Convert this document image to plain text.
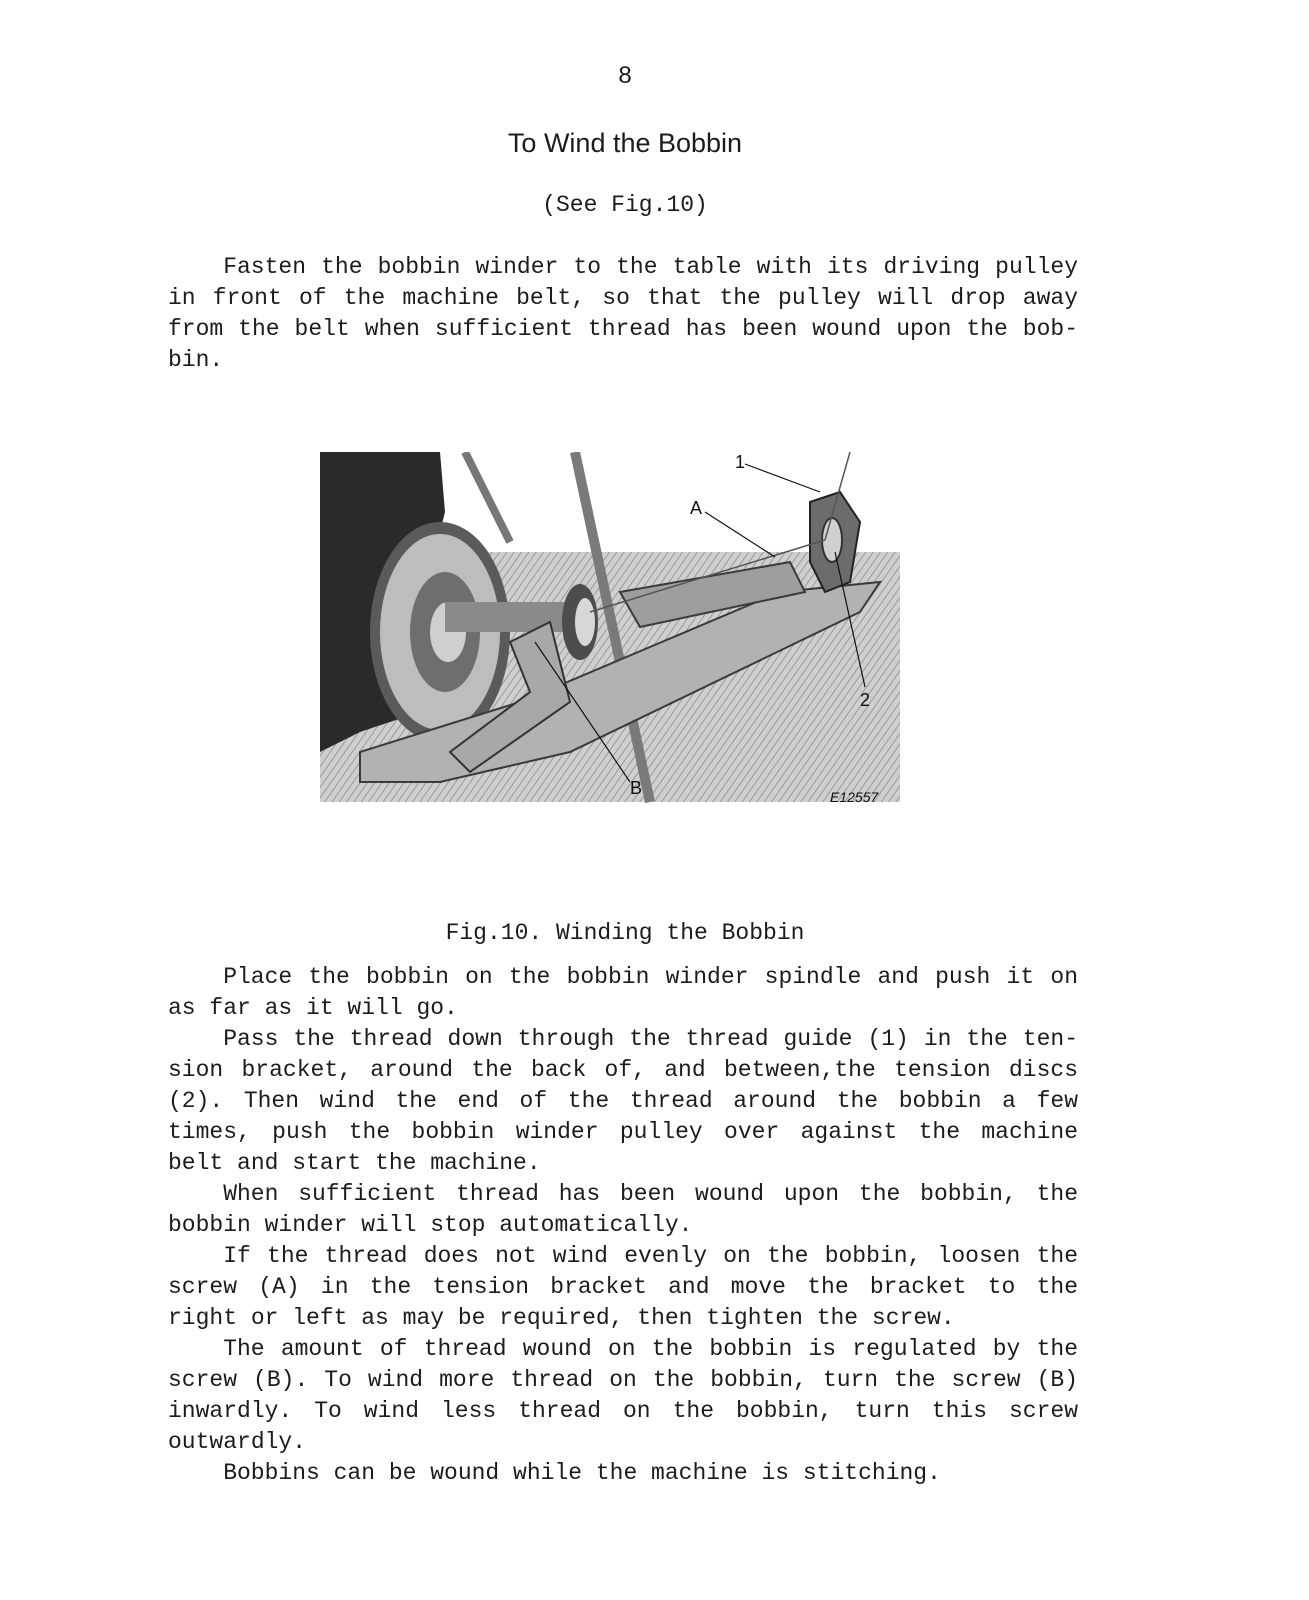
8
To Wind the Bobbin
(See Fig.10)
Fasten the bobbin winder to the table with its driving pulley
in front of the machine belt, so that the pulley will drop away
from the belt when sufficient thread has been wound upon the bob-
bin.
1
A
2
B	E12557
Fig.10. Winding the Bobbin
Place the bobbin on the bobbin winder spindle and push it on
as far as it will go.
Pass the thread down through the thread guide (1) in the ten-
sion bracket, around the back of, and between,the tension discs
(2). Then wind the end of the thread around the bobbin a few
times, push the bobbin winder pulley over against the machine
belt and start the machine.
When sufficient thread has been wound upon the bobbin, the
bobbin winder will stop automatically.
If the thread does not wind evenly on the bobbin, loosen the
screw (A) in the tension bracket and move the bracket to the
right or left as may be required, then tighten the screw.
The amount of thread wound on the bobbin is regulated by the
screw (B). To wind more thread on the bobbin, turn the screw (B)
inwardly. To wind less thread on the bobbin, turn this screw
outwardly.
Bobbins can be wound while the machine is stitching.
